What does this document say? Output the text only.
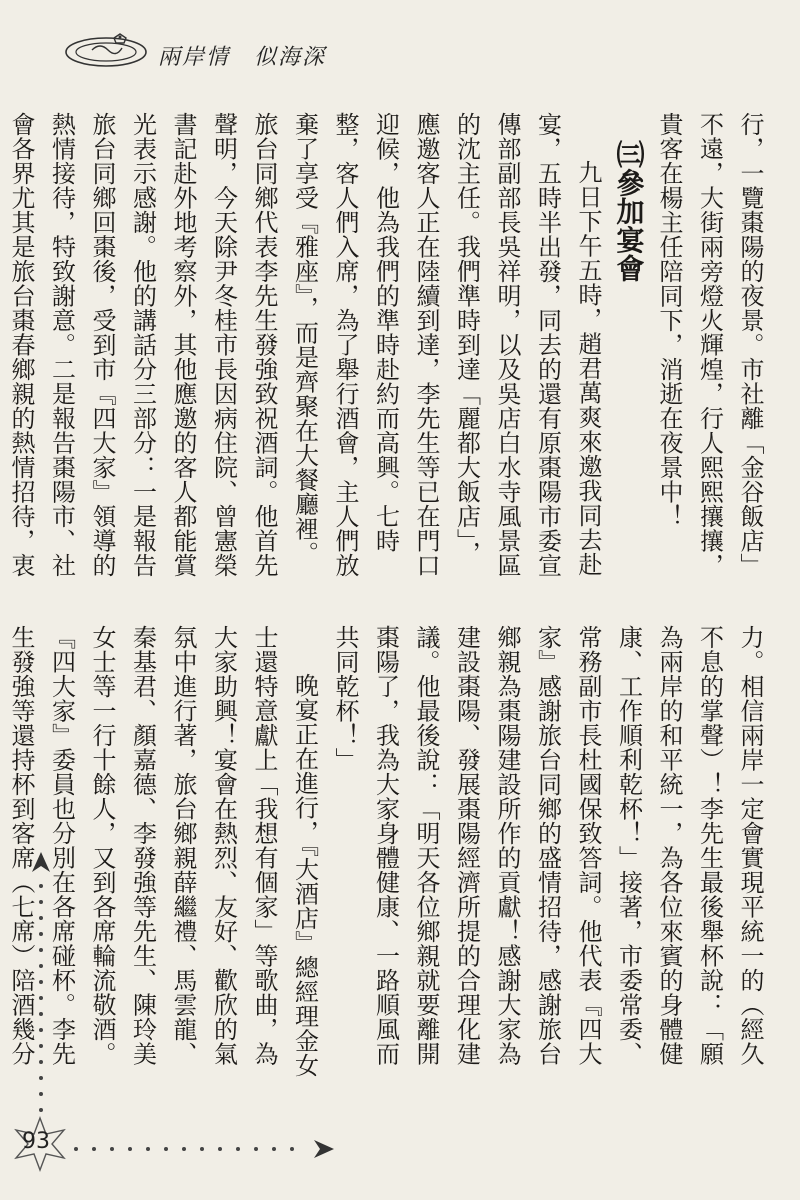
兩岸情　似海深

行，一覽棗陽的夜景。市社離「金谷飯店」不遠，大街兩旁燈火輝煌，行人熙熙攘攘，貴客在楊主任陪同下，消逝在夜景中！

㈢參加宴會

九日下午五時，趙君萬爽來邀我同去赴宴，五時半出發，同去的還有原棗陽市委宣傳部副部長吳祥明，以及吳店白水寺風景區的沈主任。我們準時到達「麗都大飯店」，應邀客人正在陸續到達，李先生等已在門口迎候，他為我們的準時赴約而高興。七時整，客人們入席，為了舉行酒會，主人們放棄了享受『雅座』，而是齊聚在大餐廳裡。旅台同鄉代表李先生發強致祝酒詞。他首先聲明，今天除尹冬桂市長因病住院、曾憲榮書記赴外地考察外，其他應邀的客人都能賞光表示感謝。他的講話分三部分：一是報告旅台同鄉回棗後，受到市『四大家』領導的熱情接待，特致謝意。二是報告棗陽市、社會各界尤其是旅台棗春鄉親的熱情招待，衷

力。相信兩岸一定會實現平統一的（經久不息的掌聲）！李先生最後舉杯說：「願為兩岸的和平統一，為各位來賓的身體健康、工作順利乾杯！」接著，市委常委、常務副市長杜國保致答詞。他代表『四大家』感謝旅台同鄉的盛情招待，感謝旅台鄉親為棗陽建設所作的貢獻！感謝大家為建設棗陽、發展棗陽經濟所提的合理化建議。他最後說：「明天各位鄉親就要離開棗陽了，我為大家身體健康、一路順風而共同乾杯！」

晚宴正在進行，『大酒店』總經理金女士還特意獻上「我想有個家」等歌曲，為大家助興！宴會在熱烈、友好、歡欣的氣氛中進行著，旅台鄉親薛繼禮、馬雲龍、秦基君、顏嘉德、李發強等先生、陳玲美女士等一行十餘人，又到各席輪流敬酒。『四大家』委員也分別在各席碰杯。李先生發強等還持杯到客席（七席）陪酒幾分

93
